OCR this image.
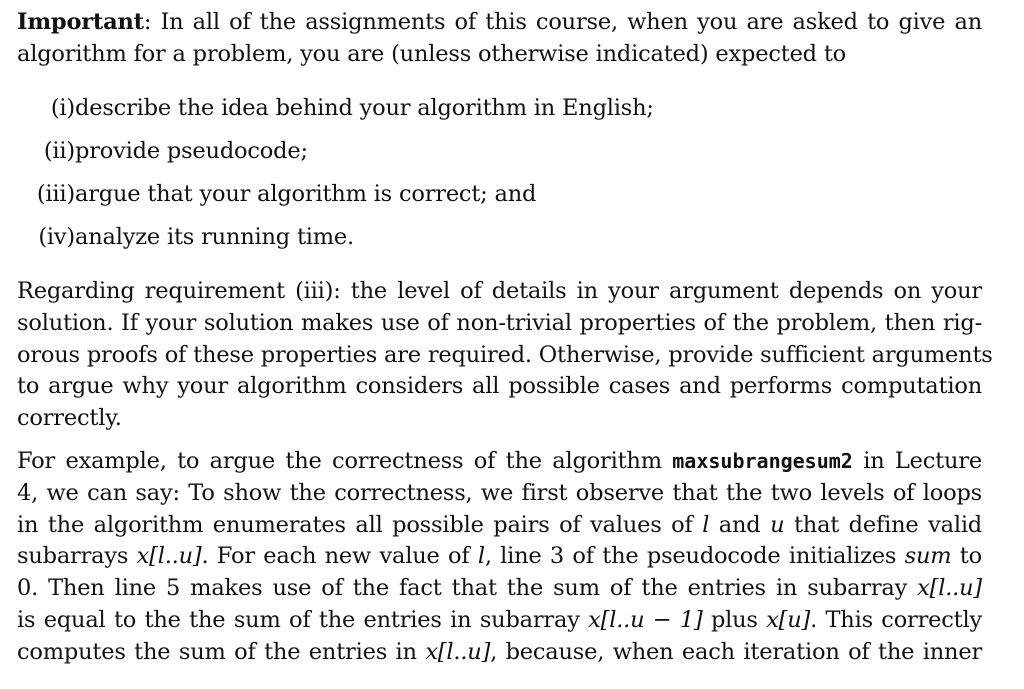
Important: In all of the assignments of this course, when you are asked to give an
algorithm for a problem, you are (unless otherwise indicated) expected to
(i) describe the idea behind your algorithm in English;
(ii) provide pseudocode;
(iii) argue that your algorithm is correct; and
(iv) analyze its running time.
Regarding requirement (iii): the level of details in your argument depends on your
solution. If your solution makes use of non-trivial properties of the problem, then rig-
orous proofs of these properties are required. Otherwise, provide sufficient arguments
to argue why your algorithm considers all possible cases and performs computation
correctly.
For example, to argue the correctness of the algorithm maxsubrangesum2 in Lecture
4, we can say: To show the correctness, we first observe that the two levels of loops
in the algorithm enumerates all possible pairs of values of l and u that define valid
subarrays x[l..u]. For each new value of l, line 3 of the pseudocode initializes sum to
0. Then line 5 makes use of the fact that the sum of the entries in subarray x[l..u]
is equal to the the sum of the entries in subarray x[l..u − 1] plus x[u]. This correctly
computes the sum of the entries in x[l..u], because, when each iteration of the inner
